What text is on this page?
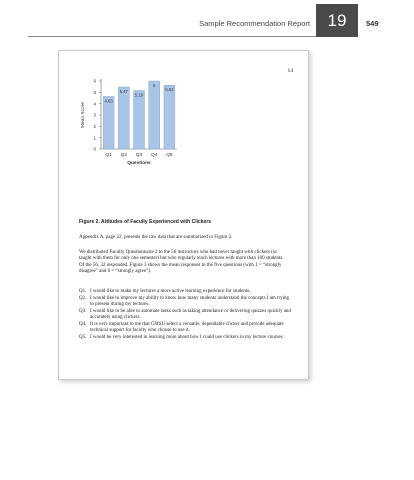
Sample Recommendation Report	19	549
14
0
1
2
3
4
5
6
Mean Score
4.63
Q1
5.47
Q2
5.16
Q3
6
Q4
5.63
Q5
Questions
Figure 2. Attitudes of Faculty Experienced with Clickers

Appendix A, page 22, presents the raw data that are summarized in Figure 2.

We distributed Faculty Questionnaire 2 to the 56 instructors who had never taught with clickers (or taught with them for only one semester) but who regularly teach lectures with more than 100 students. Of the 56, 32 responded. Figure 3 shows the mean responses to the five questions (with 1 = “strongly disagree” and 6 = “strongly agree”).

Q1. I would like to make my lectures a more active learning experience for students.
Q2. I would like to improve my ability to know how many students understand the concepts I am trying to present during my lectures.
Q3. I would like to be able to automate tasks such as taking attendance or delivering quizzes quickly and accurately using clickers.
Q4. It is very important to me that CMSU select a versatile, dependable clicker and provide adequate technical support for faculty who choose to use it.
Q5. I would be very interested in learning more about how I could use clickers in my lecture courses.
